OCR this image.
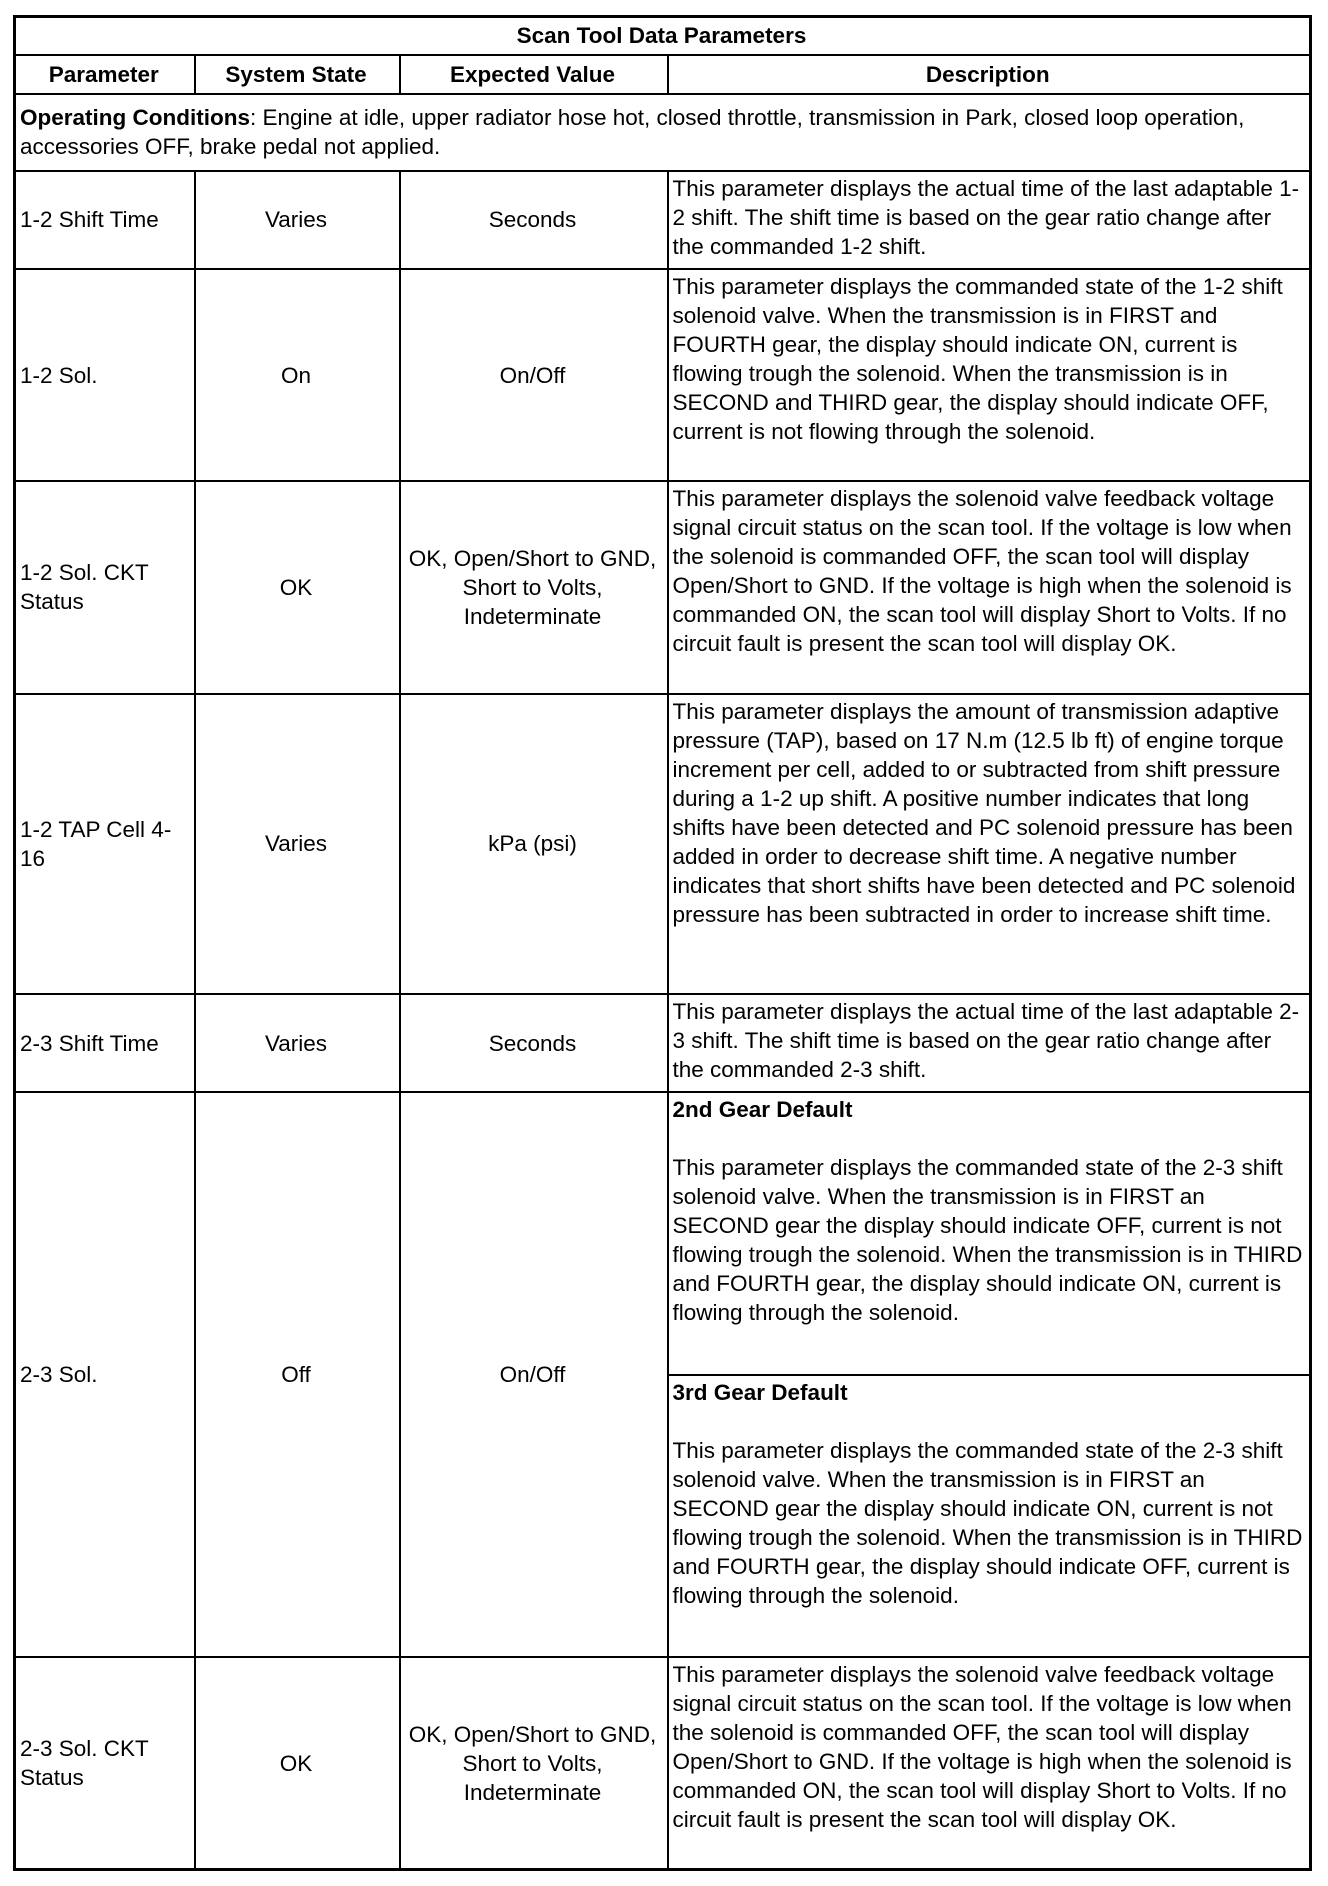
Scan Tool Data Parameters			
Parameter	System State	Expected Value	Description
Operating Conditions: Engine at idle, upper radiator hose hot, closed throttle, transmission in Park, closed loop operation, accessories OFF, brake pedal not applied.			
1-2 Shift Time	Varies	Seconds	This parameter displays the actual time of the last adaptable 1-2 shift. The shift time is based on the gear ratio change after the commanded 1-2 shift.
1-2 Sol.	On	On/Off	This parameter displays the commanded state of the 1-2 shift solenoid valve. When the transmission is in FIRST and FOURTH gear, the display should indicate ON, current is flowing trough the solenoid. When the transmission is in SECOND and THIRD gear, the display should indicate OFF, current is not flowing through the solenoid.
1-2 Sol. CKT Status	OK	OK, Open/Short to GND, Short to Volts, Indeterminate	This parameter displays the solenoid valve feedback voltage signal circuit status on the scan tool. If the voltage is low when the solenoid is commanded OFF, the scan tool will display Open/Short to GND. If the voltage is high when the solenoid is commanded ON, the scan tool will display Short to Volts. If no circuit fault is present the scan tool will display OK.
1-2 TAP Cell 4-16	Varies	kPa (psi)	This parameter displays the amount of transmission adaptive pressure (TAP), based on 17 N.m (12.5 lb ft) of engine torque increment per cell, added to or subtracted from shift pressure during a 1-2 up shift. A positive number indicates that long shifts have been detected and PC solenoid pressure has been added in order to decrease shift time. A negative number indicates that short shifts have been detected and PC solenoid pressure has been subtracted in order to increase shift time.
2-3 Shift Time	Varies	Seconds	This parameter displays the actual time of the last adaptable 2-3 shift. The shift time is based on the gear ratio change after the commanded 2-3 shift.
2-3 Sol.	Off	On/Off	2nd Gear Default
This parameter displays the commanded state of the 2-3 shift solenoid valve. When the transmission is in FIRST an SECOND gear the display should indicate OFF, current is not flowing trough the solenoid. When the transmission is in THIRD and FOURTH gear, the display should indicate ON, current is flowing through the solenoid.

			3rd Gear Default
This parameter displays the commanded state of the 2-3 shift solenoid valve. When the transmission is in FIRST an SECOND gear the display should indicate ON, current is not flowing trough the solenoid. When the transmission is in THIRD and FOURTH gear, the display should indicate OFF, current is flowing through the solenoid.
2-3 Sol. CKT Status	OK	OK, Open/Short to GND, Short to Volts, Indeterminate	This parameter displays the solenoid valve feedback voltage signal circuit status on the scan tool. If the voltage is low when the solenoid is commanded OFF, the scan tool will display Open/Short to GND. If the voltage is high when the solenoid is commanded ON, the scan tool will display Short to Volts. If no circuit fault is present the scan tool will display OK.
